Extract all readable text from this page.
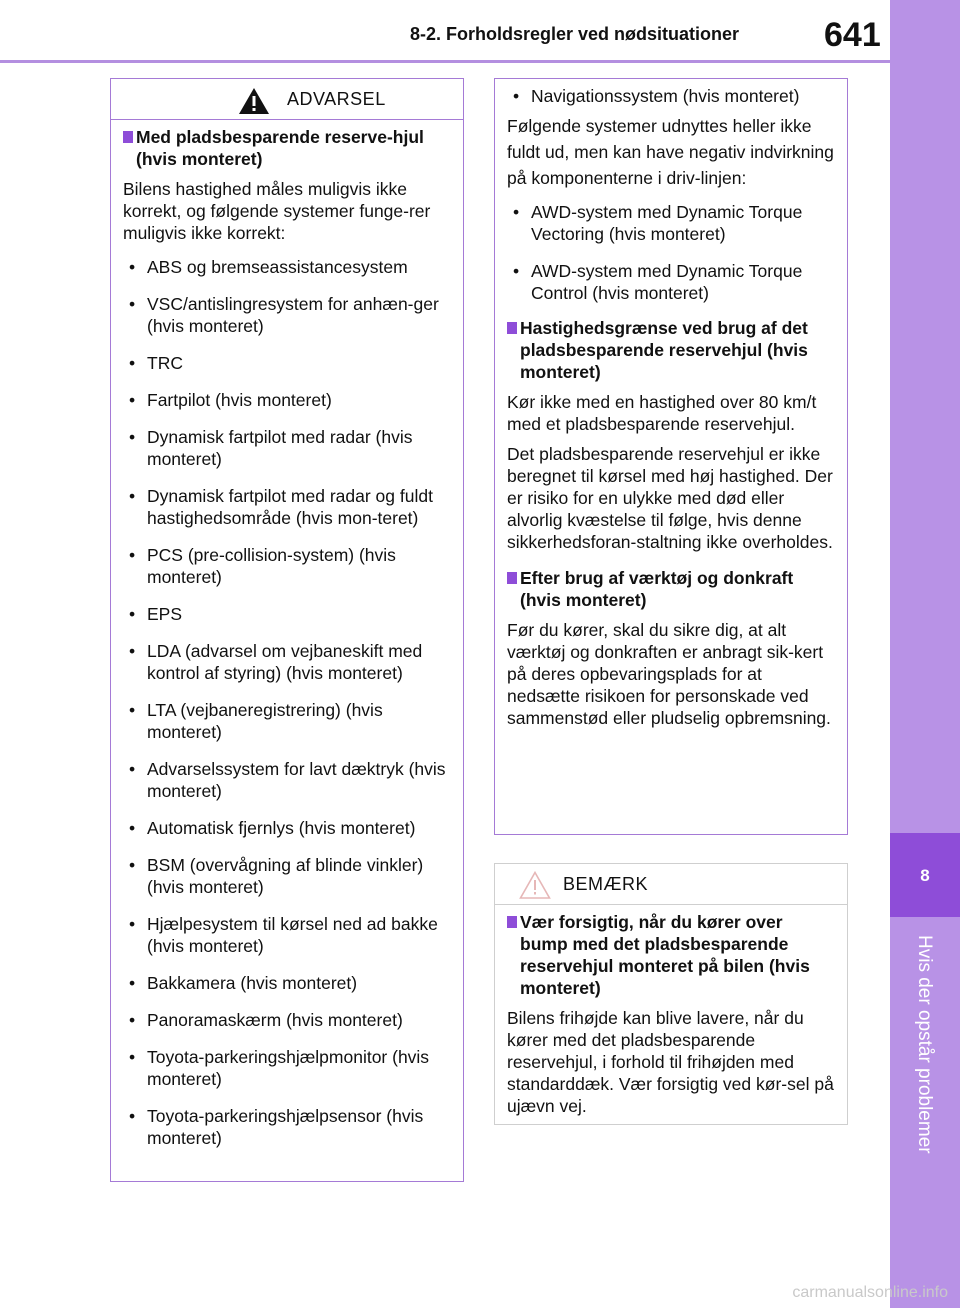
8-2. Forholdsregler ved nødsituationer 641
8
Hvis der opstår problemer
ADVARSEL
Med pladsbesparende reserve-hjul (hvis monteret)
Bilens hastighed måles muligvis ikke korrekt, og følgende systemer funge-rer muligvis ikke korrekt:
• ABS og bremseassistancesystem
• VSC/antislingresystem for anhæn-ger (hvis monteret)
• TRC
• Fartpilot (hvis monteret)
• Dynamisk fartpilot med radar (hvis monteret)
• Dynamisk fartpilot med radar og fuldt hastighedsområde (hvis mon-teret)
• PCS (pre-collision-system) (hvis monteret)
• EPS
• LDA (advarsel om vejbaneskift med kontrol af styring) (hvis monteret)
• LTA (vejbaneregistrering) (hvis monteret)
• Advarselssystem for lavt dæktryk (hvis monteret)
• Automatisk fjernlys (hvis monteret)
• BSM (overvågning af blinde vinkler) (hvis monteret)
• Hjælpesystem til kørsel ned ad bakke (hvis monteret)
• Bakkamera (hvis monteret)
• Panoramaskærm (hvis monteret)
• Toyota-parkeringshjælpmonitor (hvis monteret)
• Toyota-parkeringshjælpsensor (hvis monteret)
• Navigationssystem (hvis monteret)
Følgende systemer udnyttes heller ikke fuldt ud, men kan have negativ indvirkning på komponenterne i driv-linjen:
• AWD-system med Dynamic Torque Vectoring (hvis monteret)
• AWD-system med Dynamic Torque Control (hvis monteret)
Hastighedsgrænse ved brug af det pladsbesparende reservehjul (hvis monteret)
Kør ikke med en hastighed over 80 km/t med et pladsbesparende reservehjul.
Det pladsbesparende reservehjul er ikke beregnet til kørsel med høj hastighed. Der er risiko for en ulykke med død eller alvorlig kvæstelse til følge, hvis denne sikkerhedsforan-staltning ikke overholdes.
Efter brug af værktøj og donkraft (hvis monteret)
Før du kører, skal du sikre dig, at alt værktøj og donkraften er anbragt sik-kert på deres opbevaringsplads for at nedsætte risikoen for personskade ved sammenstød eller pludselig opbremsning.
BEMÆRK
Vær forsigtig, når du kører over bump med det pladsbesparende reservehjul monteret på bilen (hvis monteret)
Bilens frihøjde kan blive lavere, når du kører med det pladsbesparende reservehjul, i forhold til frihøjden med standarddæk. Vær forsigtig ved kør-sel på ujævn vej.
carmanualsonline.info
